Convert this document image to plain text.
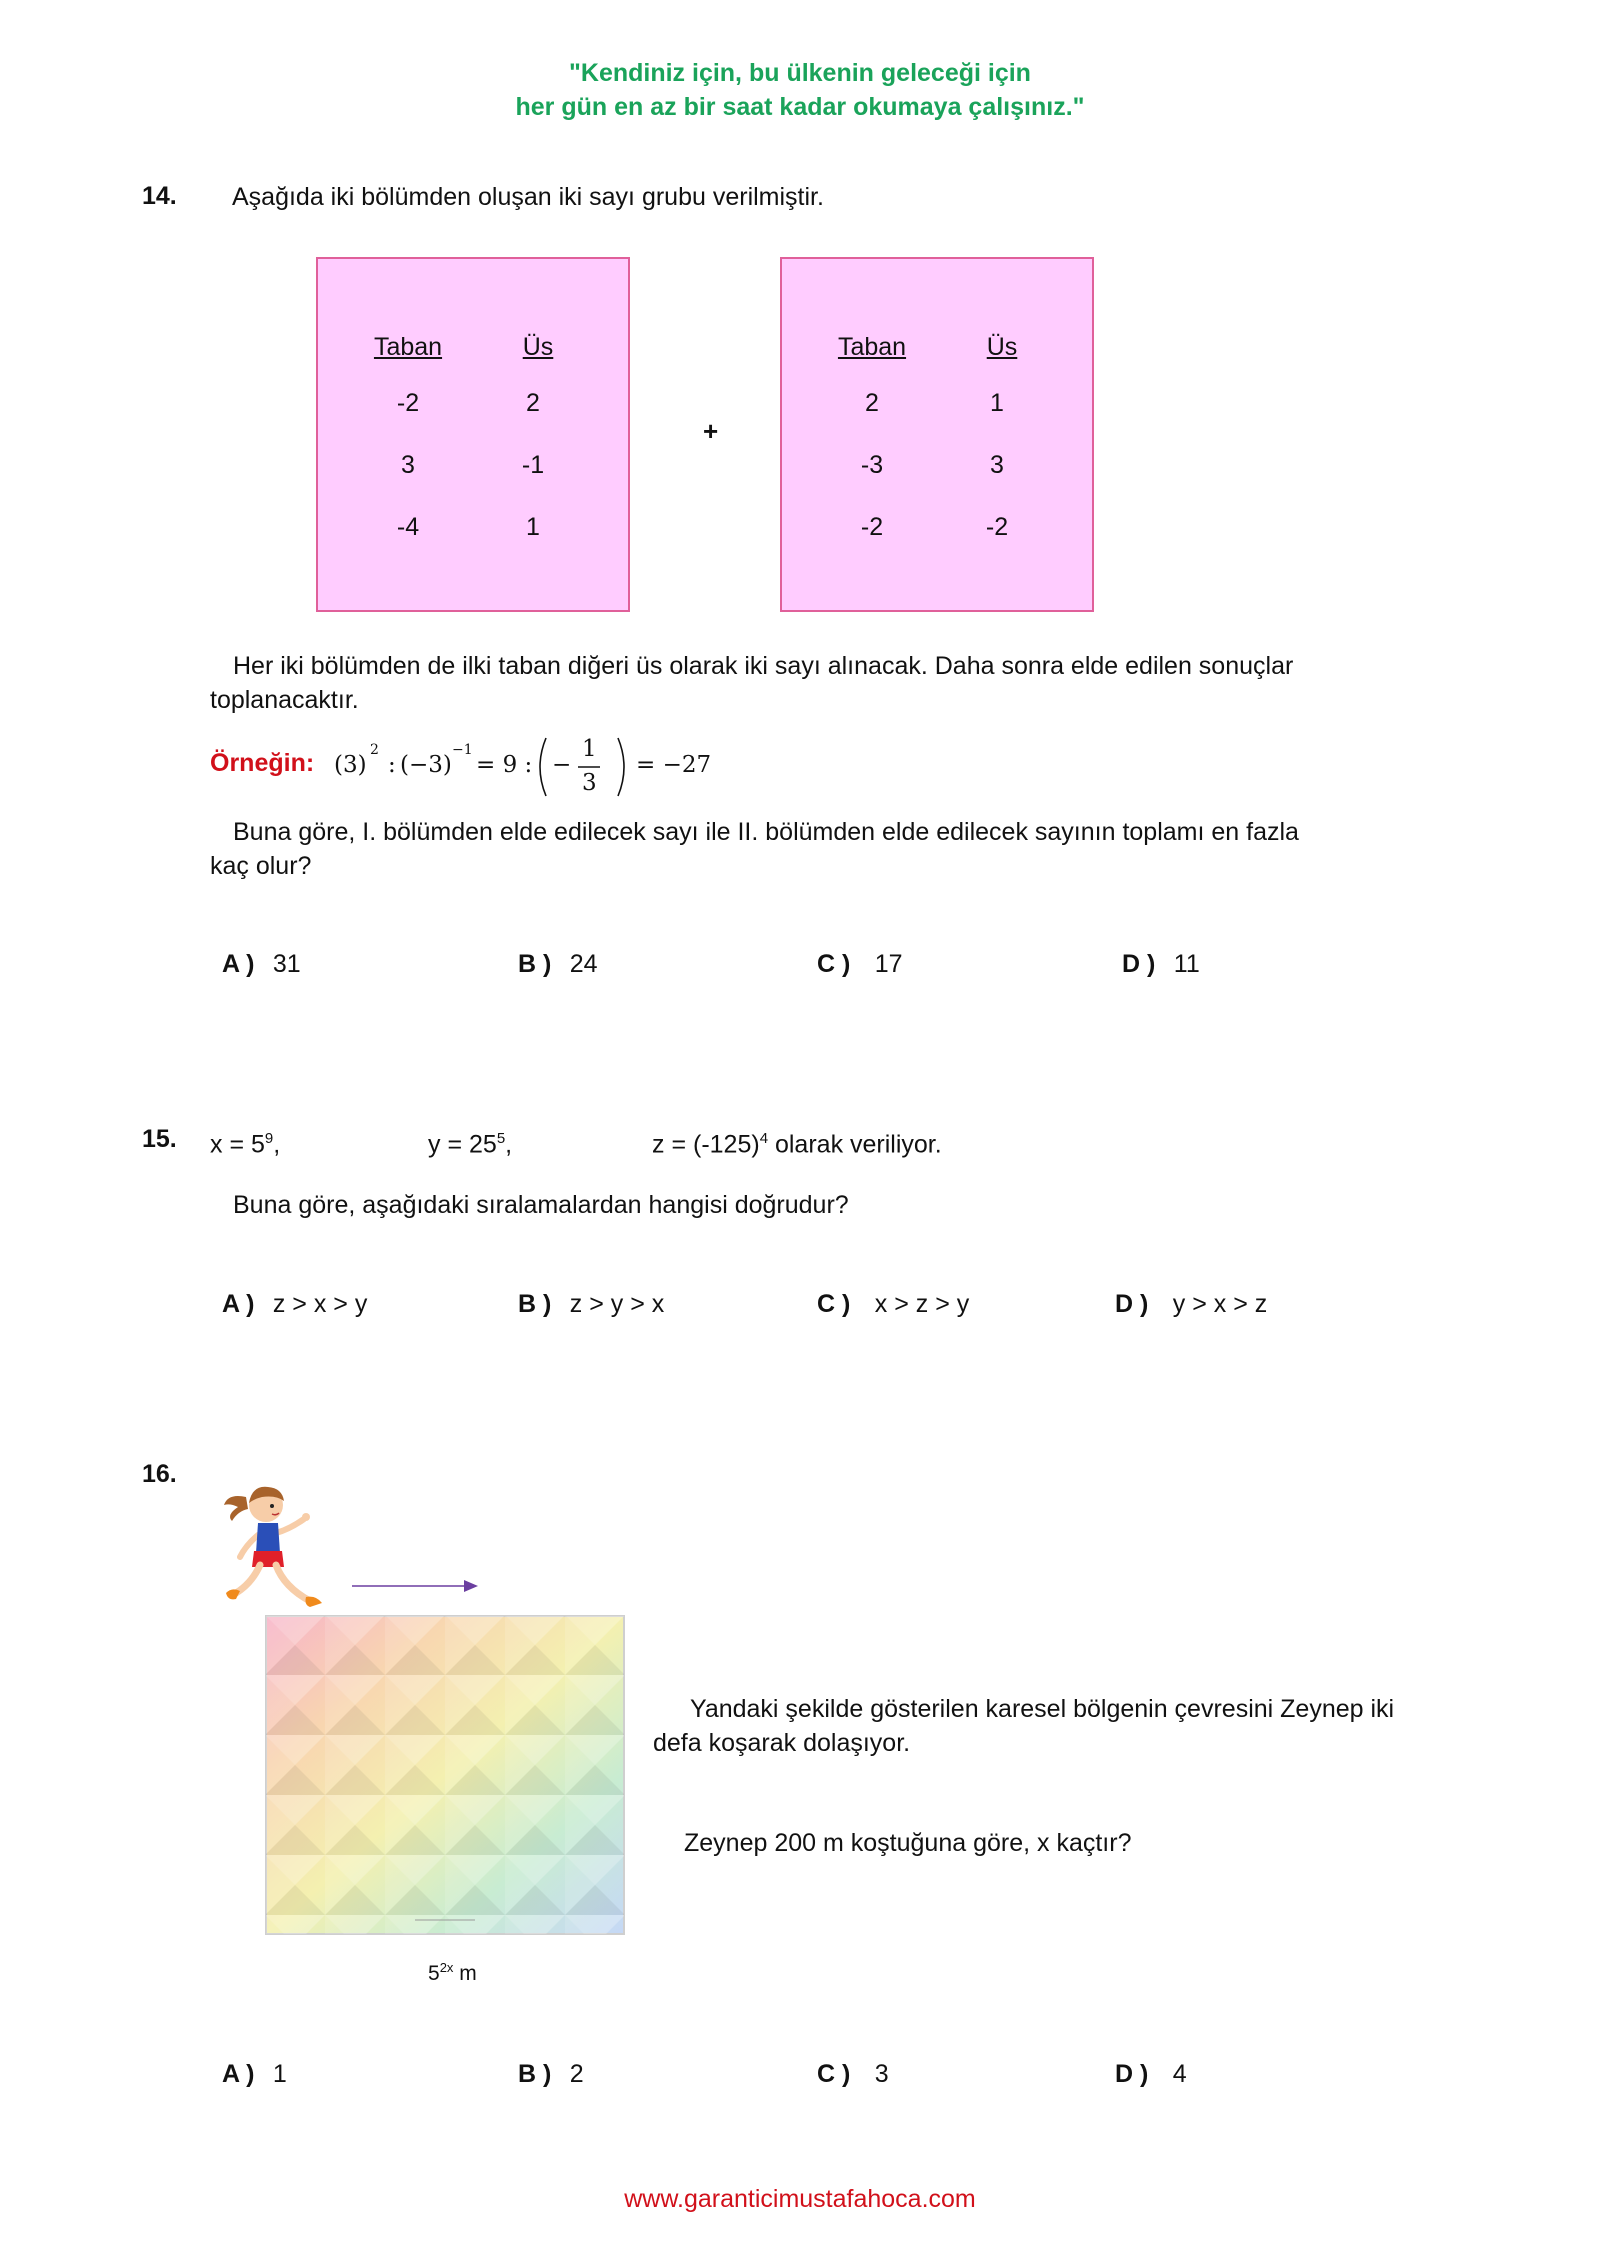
"Kendiniz için, bu ülkenin geleceği için
her gün en az bir saat kadar okumaya çalışınız."
14. Aşağıda iki bölümden oluşan iki sayı grubu verilmiştir.
Taban	Üs
-2	2
3	-1
-4	1
+
Taban	Üs
2	1
-3	3
-2	-2
Her iki bölümden de ilki taban diğeri üs olarak iki sayı alınacak. Daha sonra elde edilen sonuçlar
toplanacaktır.
Örneğin: (3)
2
: (−3)
−1
= 9 : −
1
3
= −27
Buna göre, I. bölümden elde edilecek sayı ile II. bölümden elde edilecek sayının toplamı en fazla
kaç olur?
A ) 31	B ) 24	C ) 17	D ) 11
15. $x = 5^9$,	$y = 25^5$,	$z = (-125)^4$ olarak veriliyor.
Buna göre, aşağıdaki sıralamalardan hangisi doğrudur?
A ) z > x > y	B ) z > y > x	C ) x > z > y	D ) y > x > z
16.
$5^{2x}$ m
Yandaki şekilde gösterilen karesel bölgenin çevresini Zeynep iki
defa koşarak dolaşıyor.
Zeynep 200 m koştuğuna göre, x kaçtır?
A ) 1	B ) 2	C ) 3	D ) 4
www.garanticimustafahoca.com
